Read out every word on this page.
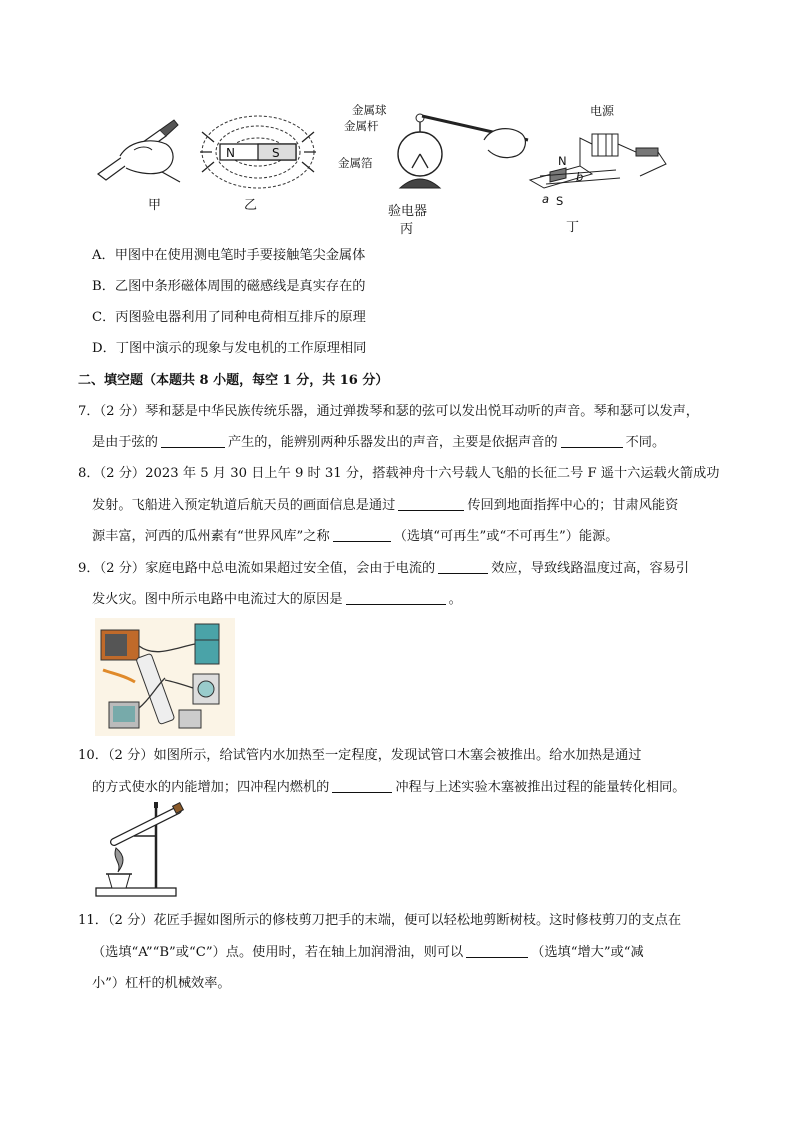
N	S
金属球
金属杆
金属箔
电源
N
S
a
b
甲	乙	验电器
丙	丁
A．甲图中在使用测电笔时手要接触笔尖金属体
B．乙图中条形磁体周围的磁感线是真实存在的
C．丙图验电器利用了同种电荷相互排斥的原理
D．丁图中演示的现象与发电机的工作原理相同
二、填空题（本题共 8 小题，每空 1 分，共 16 分）
7．（2 分）琴和瑟是中华民族传统乐器，通过弹拨琴和瑟的弦可以发出悦耳动听的声音。琴和瑟可以发声，
是由于弦的	产生的，能辨别两种乐器发出的声音，主要是依据声音的	不同。
8．（2 分）2023 年 5 月 30 日上午 9 时 31 分，搭载神舟十六号载人飞船的长征二号 F 遥十六运载火箭成功
发射。飞船进入预定轨道后航天员的画面信息是通过	传回到地面指挥中心的；甘肃风能资
源丰富，河西的瓜州素有“世界风库”之称	（选填“可再生”或“不可再生”）能源。
9．（2 分）家庭电路中总电流如果超过安全值，会由于电流的	效应，导致线路温度过高，容易引
发火灾。图中所示电路中电流过大的原因是	。
10．（2 分）如图所示，给试管内水加热至一定程度，发现试管口木塞会被推出。给水加热是通过
的方式使水的内能增加；四冲程内燃机的	冲程与上述实验木塞被推出过程的能量转化相同。
11．（2 分）花匠手握如图所示的修枝剪刀把手的末端，便可以轻松地剪断树枝。这时修枝剪刀的支点在
（选填“A”“B”或“C”）点。使用时，若在轴上加润滑油，则可以	（选填“增大”或“减
小”）杠杆的机械效率。
